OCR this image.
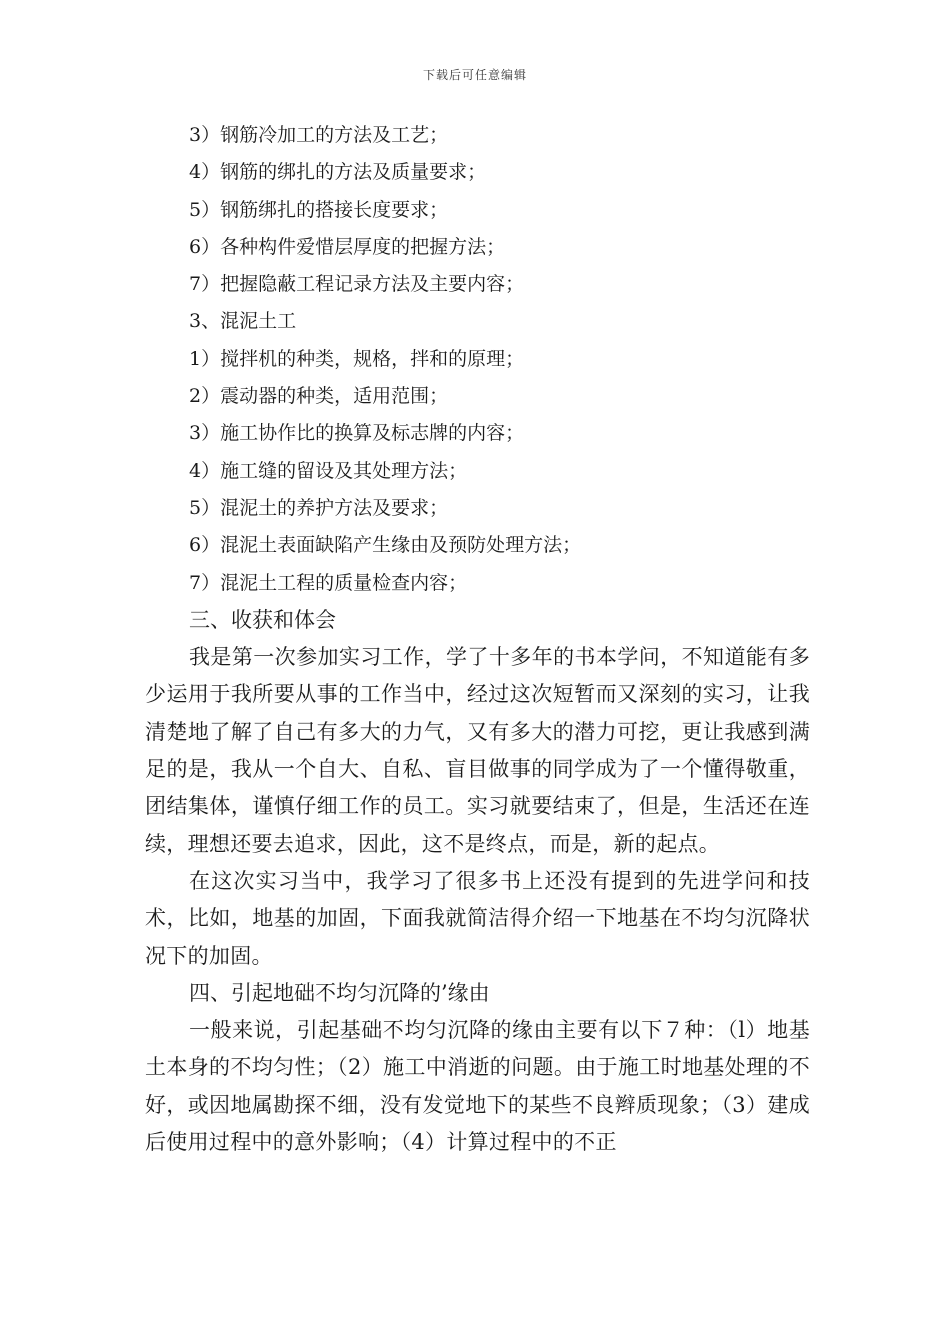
下载后可任意编辑
3）钢筋冷加工的方法及工艺；
4）钢筋的绑扎的方法及质量要求；
5）钢筋绑扎的搭接长度要求；
6）各种构件爱惜层厚度的把握方法；
7）把握隐蔽工程记录方法及主要内容；
3、混泥土工
1）搅拌机的种类，规格，拌和的原理；
2）震动器的种类，适用范围；
3）施工协作比的换算及标志牌的内容；
4）施工缝的留设及其处理方法；
5）混泥土的养护方法及要求；
6）混泥土表面缺陷产生缘由及预防处理方法；
7）混泥土工程的质量检查内容；
三、收获和体会
我是第一次参加实习工作，学了十多年的书本学问，不知道能有多少运用于我所要从事的工作当中，经过这次短暂而又深刻的实习，让我清楚地了解了自己有多大的力气，又有多大的潜力可挖，更让我感到满足的是，我从一个自大、自私、盲目做事的同学成为了一个懂得敬重，团结集体，谨慎仔细工作的员工。实习就要结束了，但是，生活还在连续，理想还要去追求，因此，这不是终点，而是，新的起点。
在这次实习当中，我学习了很多书上还没有提到的先进学问和技术，比如，地基的加固，下面我就简洁得介绍一下地基在不均匀沉降状况下的加固。
四、引起地础不均匀沉降的’缘由
一般来说，引起基础不均匀沉降的缘由主要有以下７种：（l）地基土本身的不均匀性；（2）施工中消逝的问题。由于施工时地基处理的不好，或因地属勘探不细，没有发觉地下的某些不良辫质现象；（3）建成后使用过程中的意外影响；（4）计算过程中的不正
